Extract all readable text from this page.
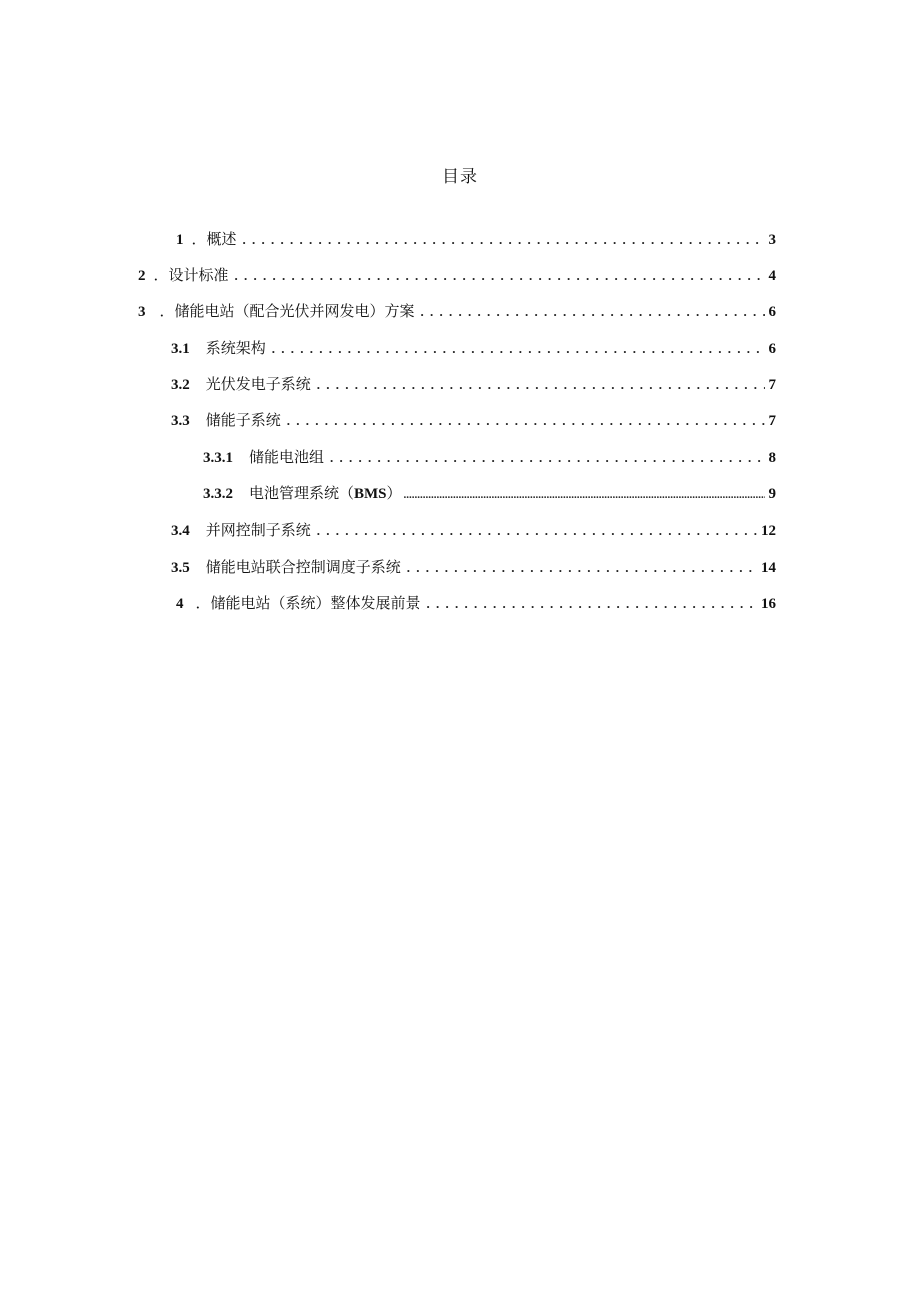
目录
1 ． 概述 . . .	3
2 ． 设计标准 . . .	4
3 ． 储能电站（配合光伏并网发电）方案 . . .	6
3.1 系统架构 . . .	6
3.2 光伏发电子系统 . . .	7
3.3 储能子系统 . . .	7
3.3.1 储能电池组 . . .	8
3.3.2 电池管理系统（ BMS ） .....	9
3.4 并网控制子系统 . . .	12
3.5 储能电站联合控制调度子系统 . . .	14
4 ． 储能电站（系统）整体发展前景 . . .	16
